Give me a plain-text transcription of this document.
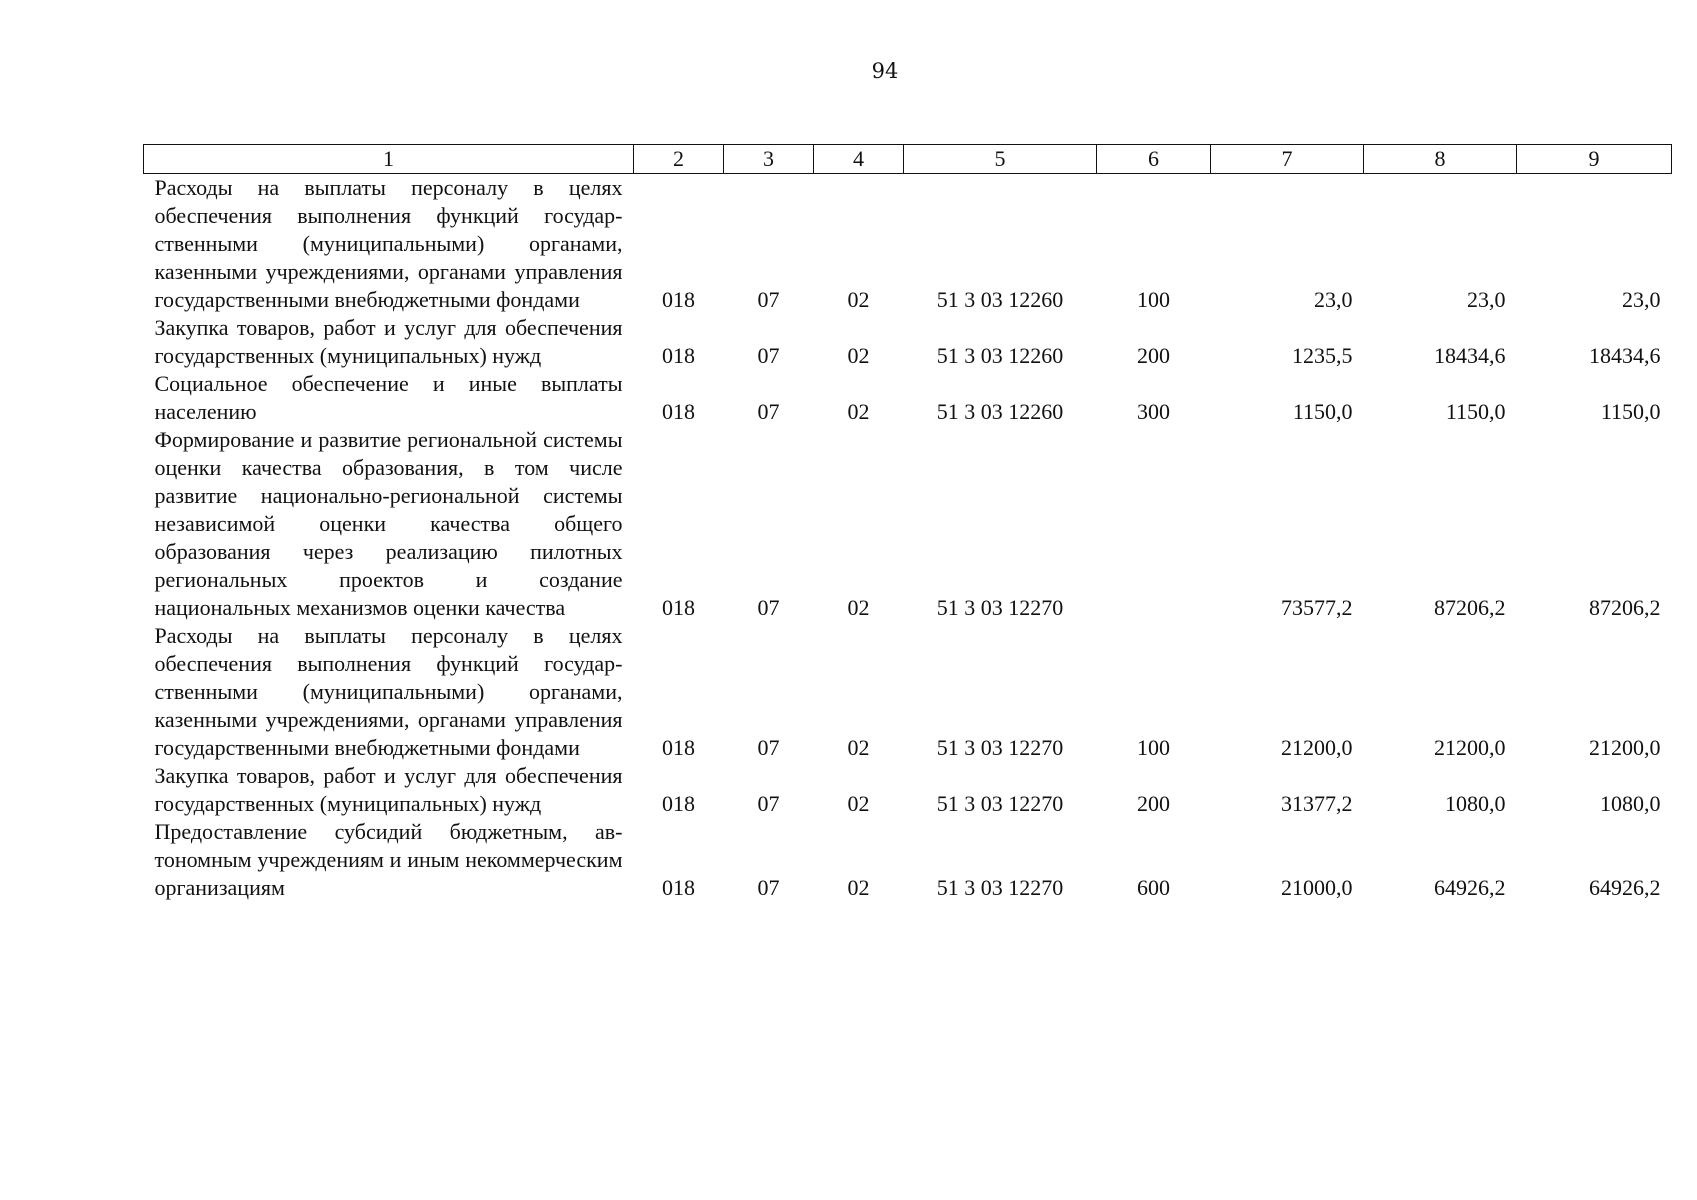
94
1	2	3	4	5	6	7	8	9
Расходы на выплаты персоналу в целях обеспечения выполнения функций государственными (муниципальными) органами, казенными учреждениями, органами управления государственными внебюджетными фондами	018	07	02	51 3 03 12260	100	23,0	23,0	23,0
Закупка товаров, работ и услуг для обеспечения государственных (муниципальных) нужд	018	07	02	51 3 03 12260	200	1235,5	18434,6	18434,6
Социальное обеспечение и иные выплаты населению	018	07	02	51 3 03 12260	300	1150,0	1150,0	1150,0
Формирование и развитие региональной системы оценки качества образования, в том числе развитие национально-региональной системы независимой оценки качества общего образования через реализацию пилотных региональных проектов и создание национальных механизмов оценки качества	018	07	02	51 3 03 12270		73577,2	87206,2	87206,2
Расходы на выплаты персоналу в целях обеспечения выполнения функций государственными (муниципальными) органами, казенными учреждениями, органами управления государственными внебюджетными фондами	018	07	02	51 3 03 12270	100	21200,0	21200,0	21200,0
Закупка товаров, работ и услуг для обеспечения государственных (муниципальных) нужд	018	07	02	51 3 03 12270	200	31377,2	1080,0	1080,0
Предоставление субсидий бюджетным, автономным учреждениям и иным некоммерческим организациям	018	07	02	51 3 03 12270	600	21000,0	64926,2	64926,2
